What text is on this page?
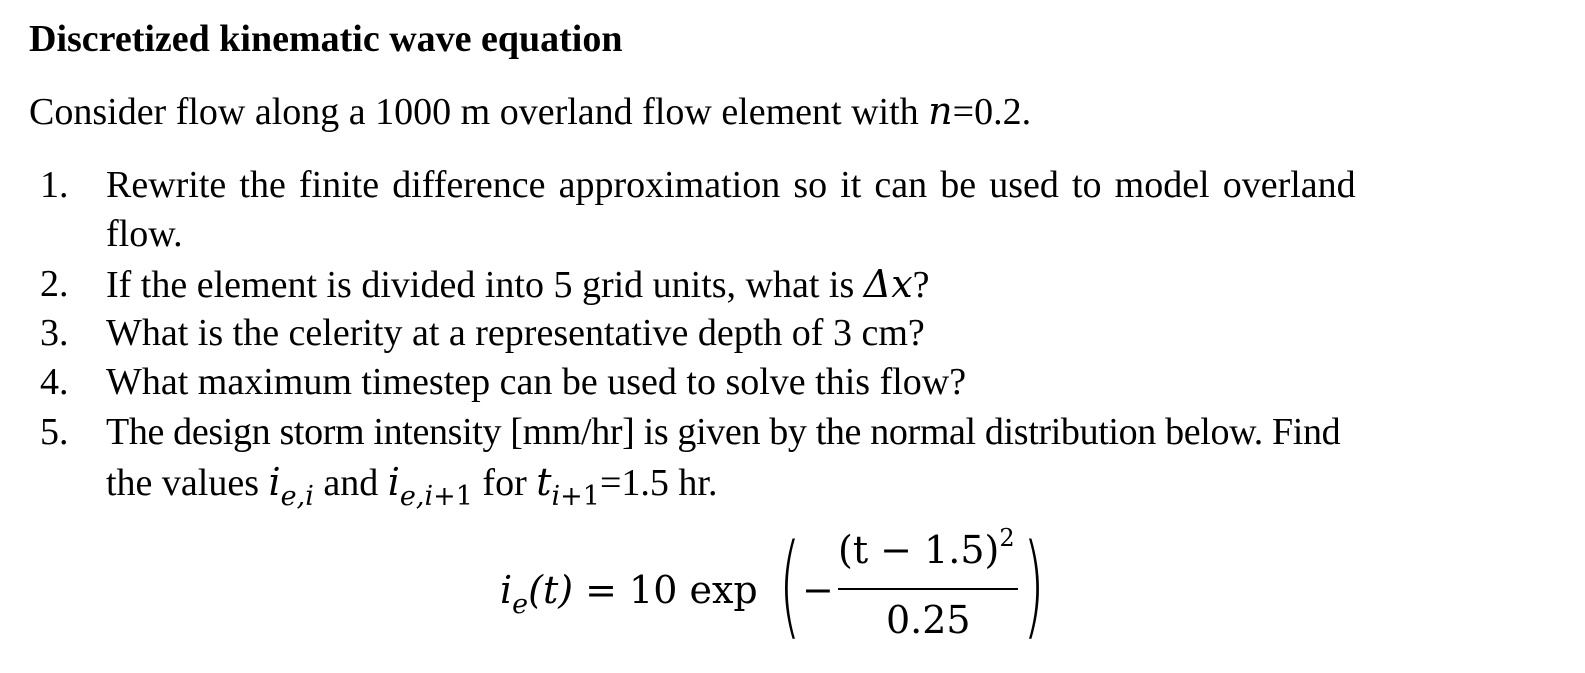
Discretized kinematic wave equation
Consider flow along a 1000 m overland flow element with n=0.2.
1. Rewrite the finite difference approximation so it can be used to model overland
flow.
2. If the element is divided into 5 grid units, what is Δx?
3. What is the celerity at a representative depth of 3 cm?
4. What maximum timestep can be used to solve this flow?
5. The design storm intensity [mm/hr] is given by the normal distribution below. Find
the values $i_{e,i}$ and $i_{e,i+1}$ for $t_{i+1}=1.5$ hr.
$i_e(t) = 10$ exp ( −
$(t - 1.5)^2$
0.25 )
